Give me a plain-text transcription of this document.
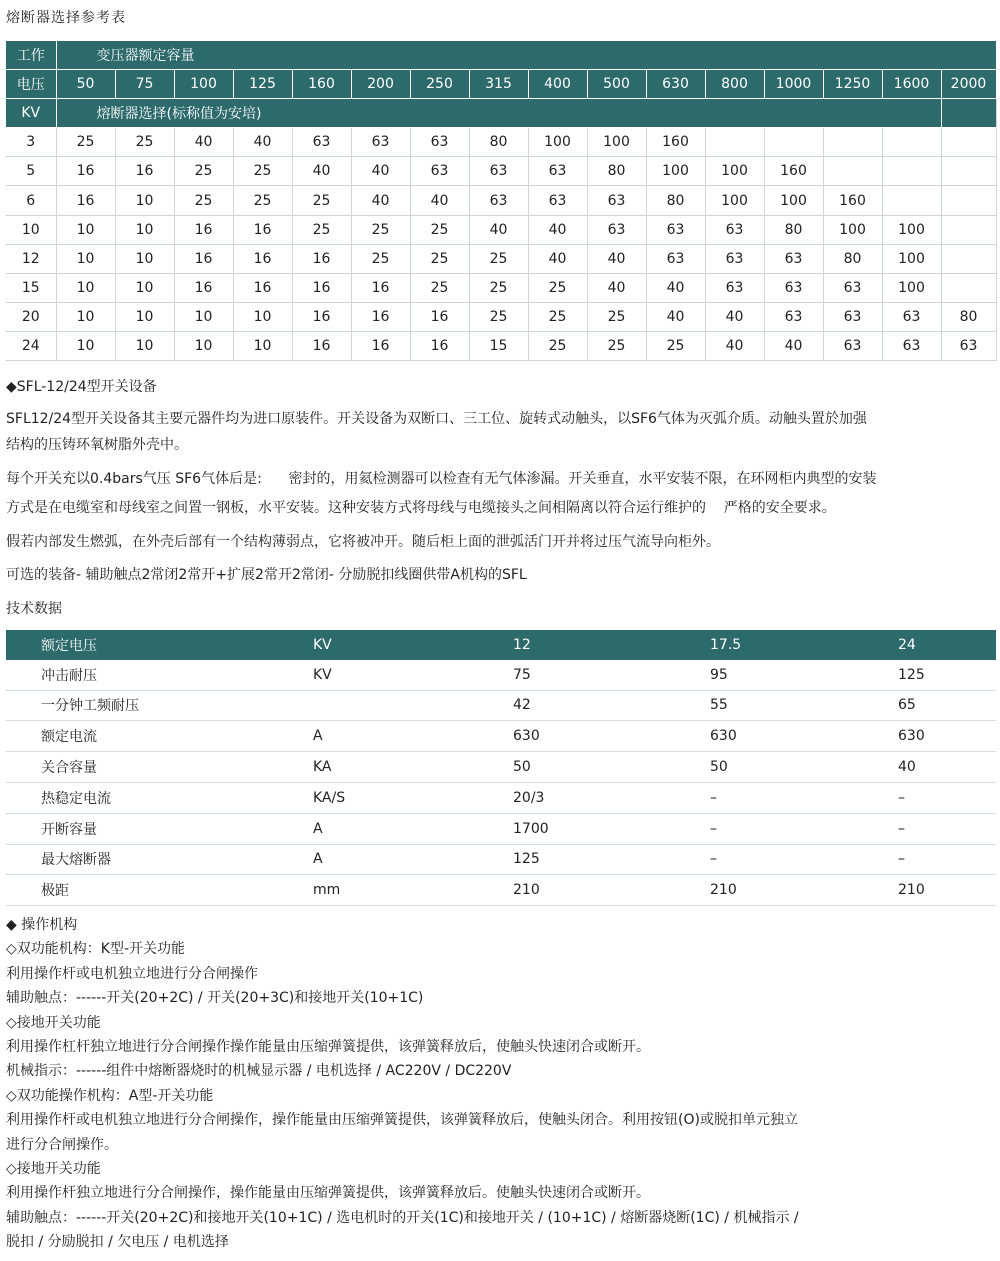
熔断器选择参考表
工作	变压器额定容量															
电压	50	75	100	125	160	200	250	315	400	500	630	800	1000	1250	1600	2000
KV	熔断器选择(标称值为安培)															
3	25	25	40	40	63	63	63	80	100	100	160					
5	16	16	25	25	40	40	63	63	63	80	100	100	160			
6	16	10	25	25	25	40	40	63	63	63	80	100	100	160		
10	10	10	16	16	25	25	25	40	40	63	63	63	80	100	100	
12	10	10	16	16	16	25	25	25	40	40	63	63	63	80	100	
15	10	10	16	16	16	16	25	25	25	40	40	63	63	63	100	
20	10	10	10	10	16	16	16	25	25	25	40	40	63	63	63	80
24	10	10	10	10	16	16	16	15	25	25	25	40	40	63	63	63
◆SFL-12/24型开关设备
SFL12/24型开关设备其主要元器件均为进口原装件。开关设备为双断口、三工位、旋转式动触头，以SF6气体为灭弧介质。动触头置於加强
结构的压铸环氧树脂外壳中。
每个开关充以0.4bars气压 SF6气体后是:      密封的，用氦检测器可以检查有无气体渗漏。开关垂直，水平安装不限，在环网柜内典型的安装
方式是在电缆室和母线室之间置一钢板，水平安装。这种安装方式将母线与电缆接头之间相隔离以符合运行维护的    严格的安全要求。
假若内部发生燃弧，在外壳后部有一个结构薄弱点，它将被冲开。随后柜上面的泄弧活门开并将过压气流导向柜外。
可选的装备- 辅助触点2常闭2常开+扩展2常开2常闭- 分励脱扣线圈供带A机构的SFL
技术数据
额定电压	KV	12	17.5	24
冲击耐压	KV	75	95	125
一分钟工频耐压		42	55	65
额定电流	A	630	630	630
关合容量	KA	50	50	40
热稳定电流	KA/S	20/3	–	–
开断容量	A	1700	–	–
最大熔断器	A	125	–	–
极距	mm	210	210	210
◆ 操作机构
◇双功能机构：K型-开关功能
利用操作杆或电机独立地进行分合闸操作
辅助触点：------开关(20+2C) / 开关(20+3C)和接地开关(10+1C)
◇接地开关功能
利用操作杠杆独立地进行分合闸操作操作能量由压缩弹簧提供，该弹簧释放后，使触头快速闭合或断开。
机械指示：------组件中熔断器烧时的机械显示器 / 电机选择 / AC220V / DC220V
◇双功能操作机构：A型-开关功能
利用操作杆或电机独立地进行分合闸操作，操作能量由压缩弹簧提供，该弹簧释放后，使触头闭合。利用按钮(O)或脱扣单元独立
进行分合闸操作。
◇接地开关功能
利用操作杆独立地进行分合闸操作，操作能量由压缩弹簧提供，该弹簧释放后。使触头快速闭合或断开。
辅助触点：------开关(20+2C)和接地开关(10+1C) / 选电机时的开关(1C)和接地开关 / (10+1C) / 熔断器烧断(1C) / 机械指示 /
脱扣 / 分励脱扣 / 欠电压 / 电机选择
